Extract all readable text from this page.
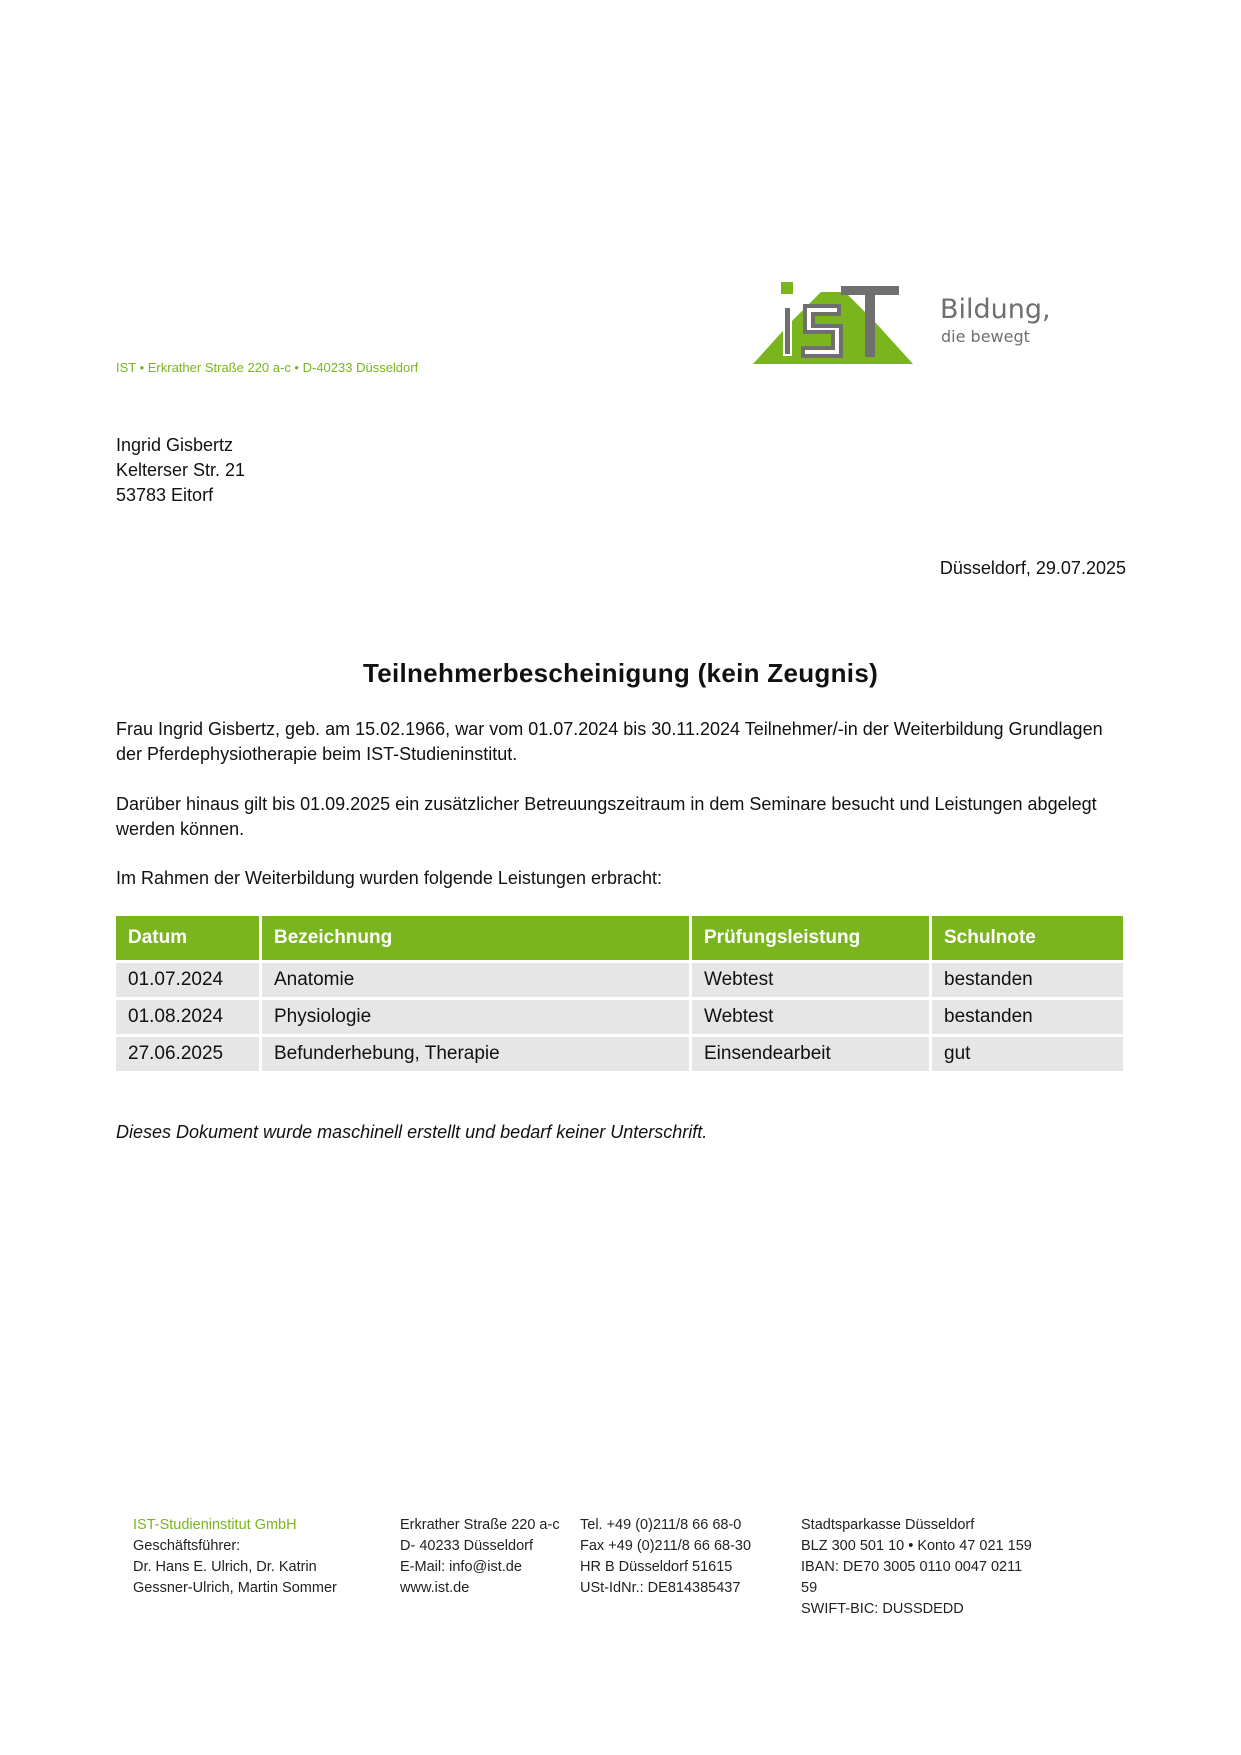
Bildung,
die bewegt
IST • Erkrather Straße 220 a-c • D-40233 Düsseldorf
Ingrid Gisbertz
Kelterser Str. 21
53783 Eitorf
Düsseldorf, 29.07.2025
Teilnehmerbescheinigung (kein Zeugnis)
Frau Ingrid Gisbertz, geb. am 15.02.1966, war vom 01.07.2024 bis 30.11.2024 Teilnehmer/-in der Weiterbildung Grundlagen der Pferdephysiotherapie beim IST-Studieninstitut.
Darüber hinaus gilt bis 01.09.2025 ein zusätzlicher Betreuungszeitraum in dem Seminare besucht und Leistungen abgelegt werden können.
Im Rahmen der Weiterbildung wurden folgende Leistungen erbracht:
Datum	Bezeichnung	Prüfungsleistung	Schulnote
01.07.2024	Anatomie	Webtest	bestanden
01.08.2024	Physiologie	Webtest	bestanden
27.06.2025	Befunderhebung, Therapie	Einsendearbeit	gut
Dieses Dokument wurde maschinell erstellt und bedarf keiner Unterschrift.
IST-Studieninstitut GmbH
Geschäftsführer:
Dr. Hans E. Ulrich, Dr. Katrin
Gessner-Ulrich, Martin Sommer
Erkrather Straße 220 a-c
D- 40233 Düsseldorf
E-Mail: info@ist.de
www.ist.de
Tel. +49 (0)211/8 66 68-0
Fax +49 (0)211/8 66 68-30
HR B Düsseldorf 51615
USt-IdNr.: DE814385437
Stadtsparkasse Düsseldorf
BLZ 300 501 10 • Konto 47 021 159
IBAN: DE70 3005 0110 0047 0211
59
SWIFT-BIC: DUSSDEDD
